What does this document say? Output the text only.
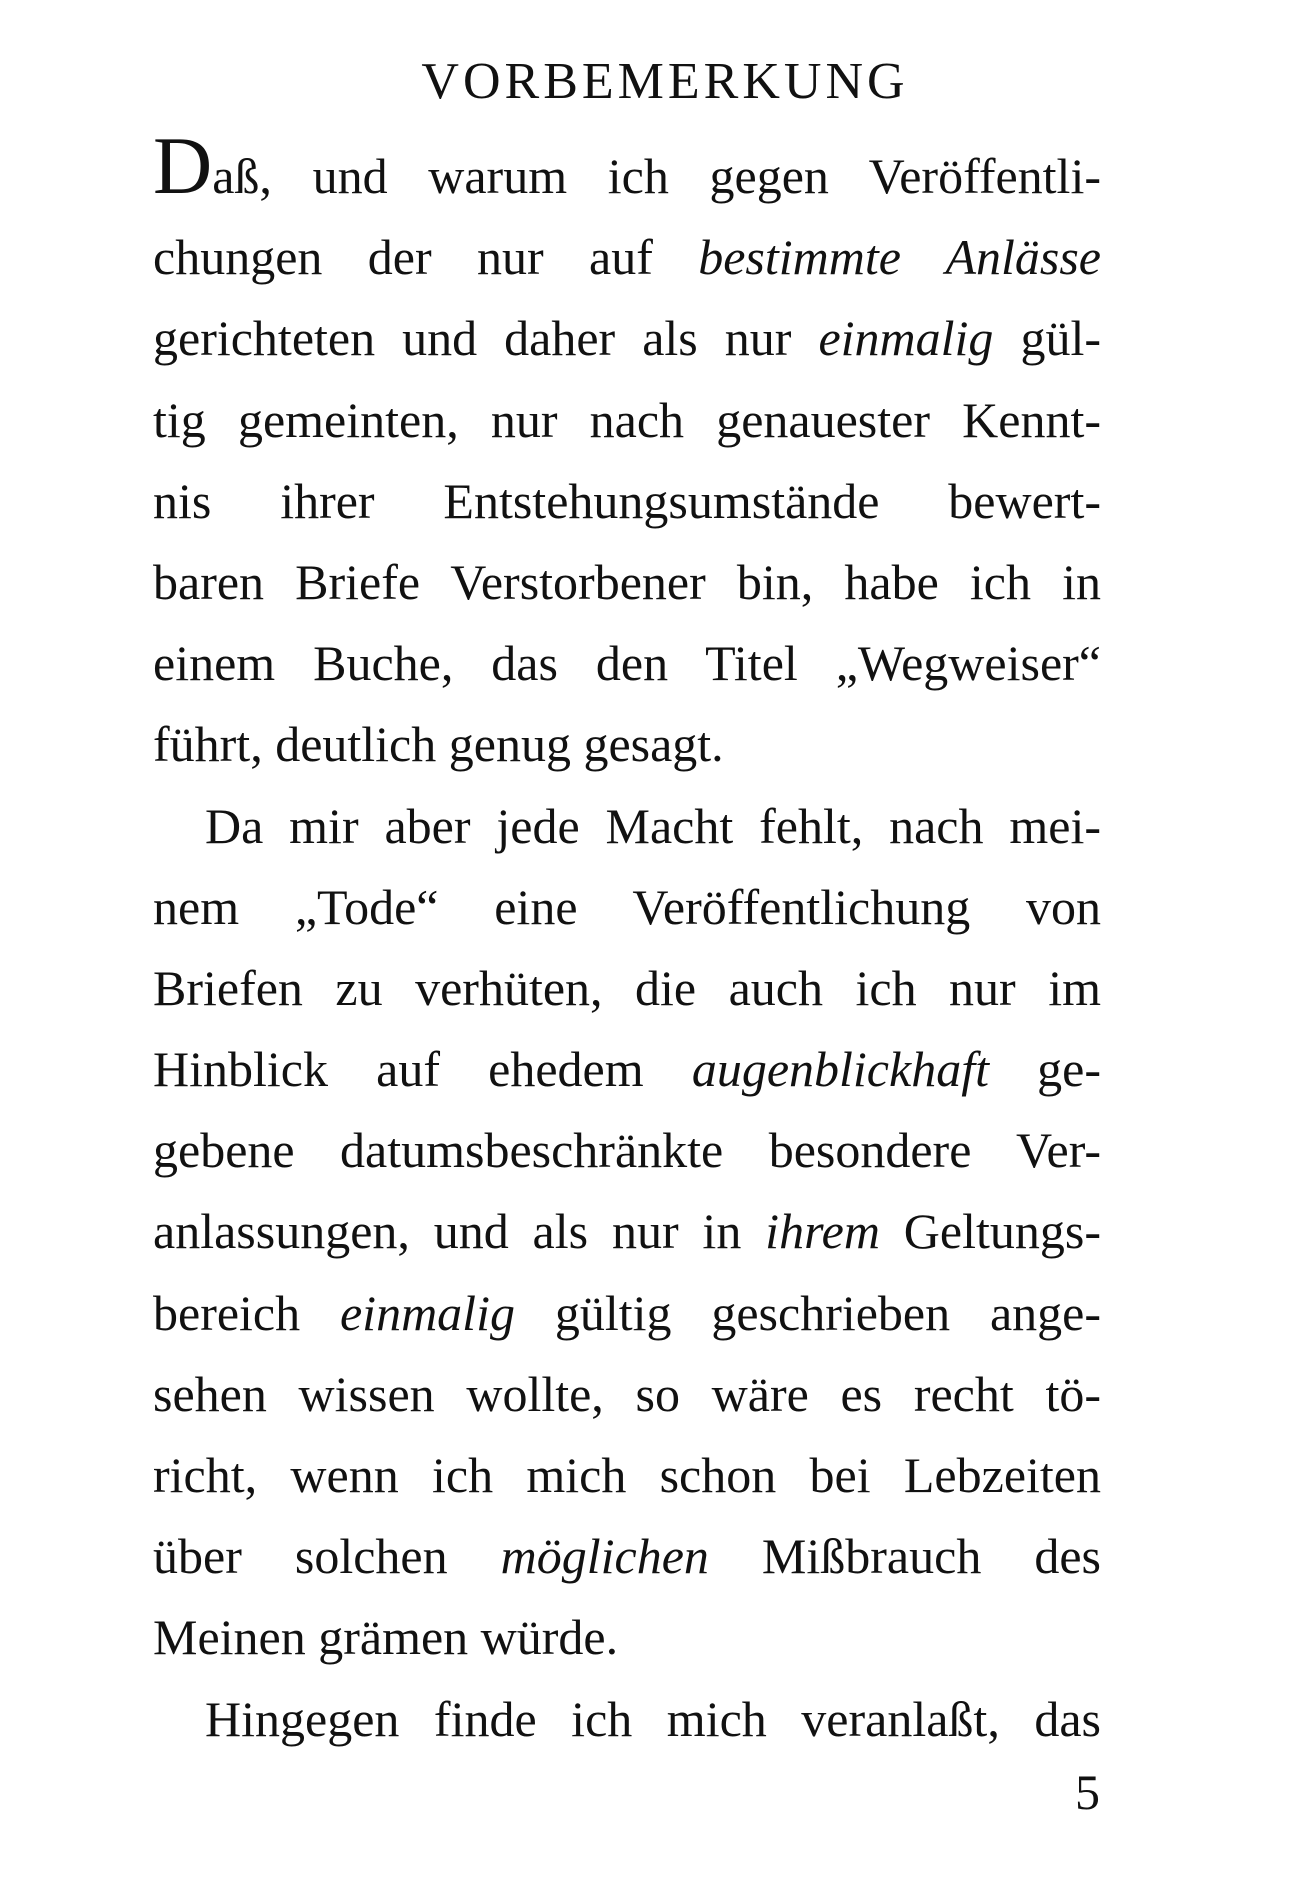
VORBEMERKUNG
Daß, und warum ich gegen Veröffentli-
chungen der nur auf bestimmte Anlässe
gerichteten und daher als nur einmalig gül-
tig gemeinten, nur nach genauester Kennt-
nis ihrer Entstehungsumstände bewert-
baren Briefe Verstorbener bin, habe ich in
einem Buche, das den Titel „Wegweiser“
führt, deutlich genug gesagt.
Da mir aber jede Macht fehlt, nach mei-
nem „Tode“ eine Veröffentlichung von
Briefen zu verhüten, die auch ich nur im
Hinblick auf ehedem augenblickhaft ge-
gebene datumsbeschränkte besondere Ver-
anlassungen, und als nur in ihrem Geltungs-
bereich einmalig gültig geschrieben ange-
sehen wissen wollte, so wäre es recht tö-
richt, wenn ich mich schon bei Lebzeiten
über solchen möglichen Mißbrauch des
Meinen grämen würde.
Hingegen finde ich mich veranlaßt, das
5
